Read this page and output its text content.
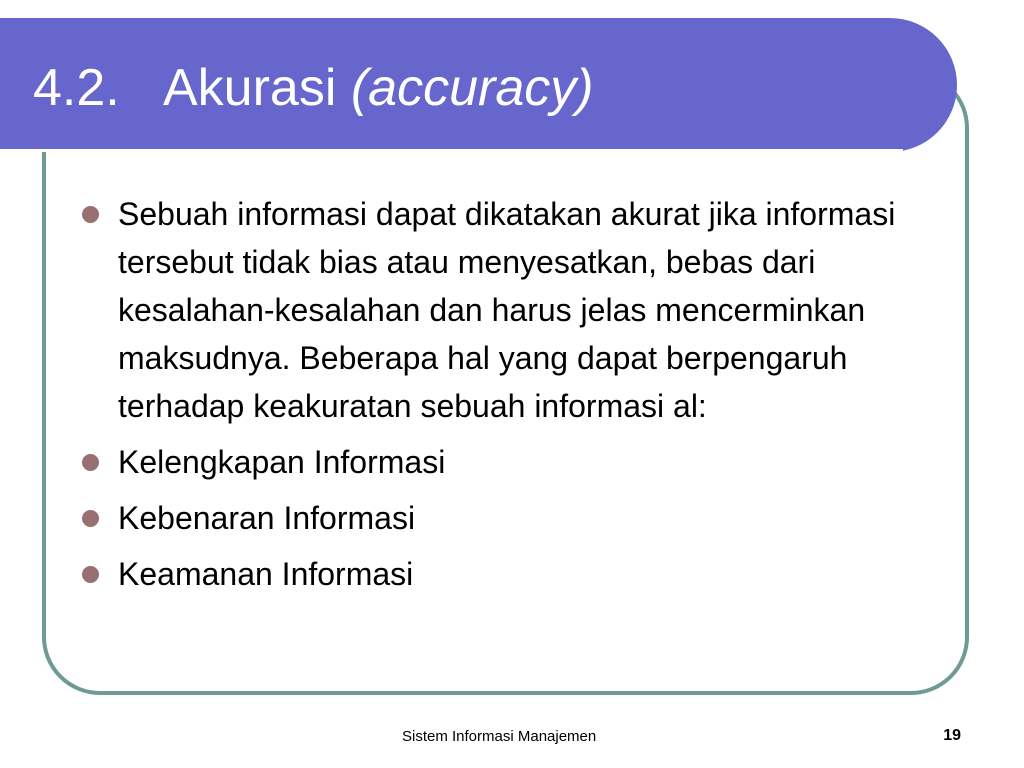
4.2. Akurasi (accuracy)
Sebuah informasi dapat dikatakan akurat jika informasi tersebut tidak bias atau menyesatkan, bebas dari kesalahan-kesalahan dan harus jelas mencerminkan maksudnya. Beberapa hal yang dapat berpengaruh terhadap keakuratan sebuah informasi al:
Kelengkapan Informasi
Kebenaran Informasi
Keamanan Informasi
Sistem Informasi Manajemen	19
